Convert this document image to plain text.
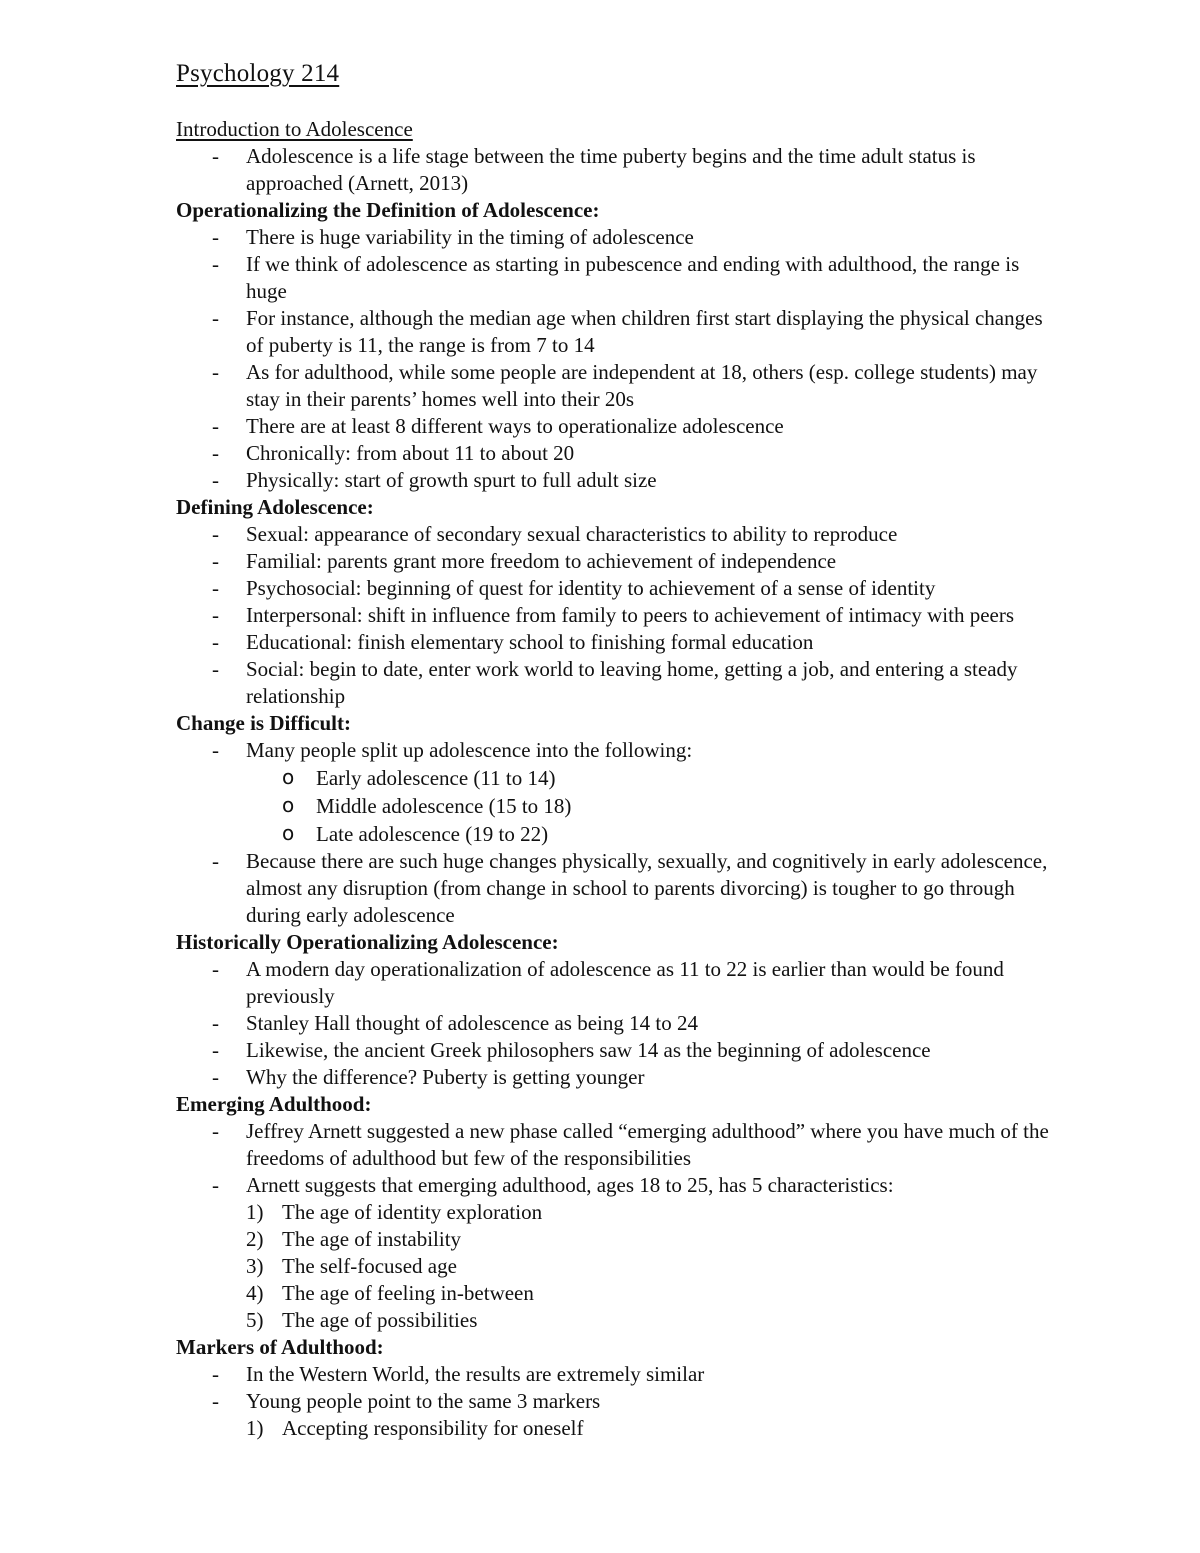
Psychology 214
Introduction to Adolescence
- Adolescence is a life stage between the time puberty begins and the time adult status is approached (Arnett, 2013)
Operationalizing the Definition of Adolescence:
- There is huge variability in the timing of adolescence
- If we think of adolescence as starting in pubescence and ending with adulthood, the range is huge
- For instance, although the median age when children first start displaying the physical changes of puberty is 11, the range is from 7 to 14
- As for adulthood, while some people are independent at 18, others (esp. college students) may stay in their parents’ homes well into their 20s
- There are at least 8 different ways to operationalize adolescence
- Chronically: from about 11 to about 20
- Physically: start of growth spurt to full adult size
Defining Adolescence:
- Sexual: appearance of secondary sexual characteristics to ability to reproduce
- Familial: parents grant more freedom to achievement of independence
- Psychosocial: beginning of quest for identity to achievement of a sense of identity
- Interpersonal: shift in influence from family to peers to achievement of intimacy with peers
- Educational: finish elementary school to finishing formal education
- Social: begin to date, enter work world to leaving home, getting a job, and entering a steady relationship
Change is Difficult:
- Many people split up adolescence into the following:
o Early adolescence (11 to 14)
o Middle adolescence (15 to 18)
o Late adolescence (19 to 22)
- Because there are such huge changes physically, sexually, and cognitively in early adolescence, almost any disruption (from change in school to parents divorcing) is tougher to go through during early adolescence
Historically Operationalizing Adolescence:
- A modern day operationalization of adolescence as 11 to 22 is earlier than would be found previously
- Stanley Hall thought of adolescence as being 14 to 24
- Likewise, the ancient Greek philosophers saw 14 as the beginning of adolescence
- Why the difference? Puberty is getting younger
Emerging Adulthood:
- Jeffrey Arnett suggested a new phase called “emerging adulthood” where you have much of the freedoms of adulthood but few of the responsibilities
- Arnett suggests that emerging adulthood, ages 18 to 25, has 5 characteristics:
1) The age of identity exploration
2) The age of instability
3) The self-focused age
4) The age of feeling in-between
5) The age of possibilities
Markers of Adulthood:
- In the Western World, the results are extremely similar
- Young people point to the same 3 markers
1) Accepting responsibility for oneself
